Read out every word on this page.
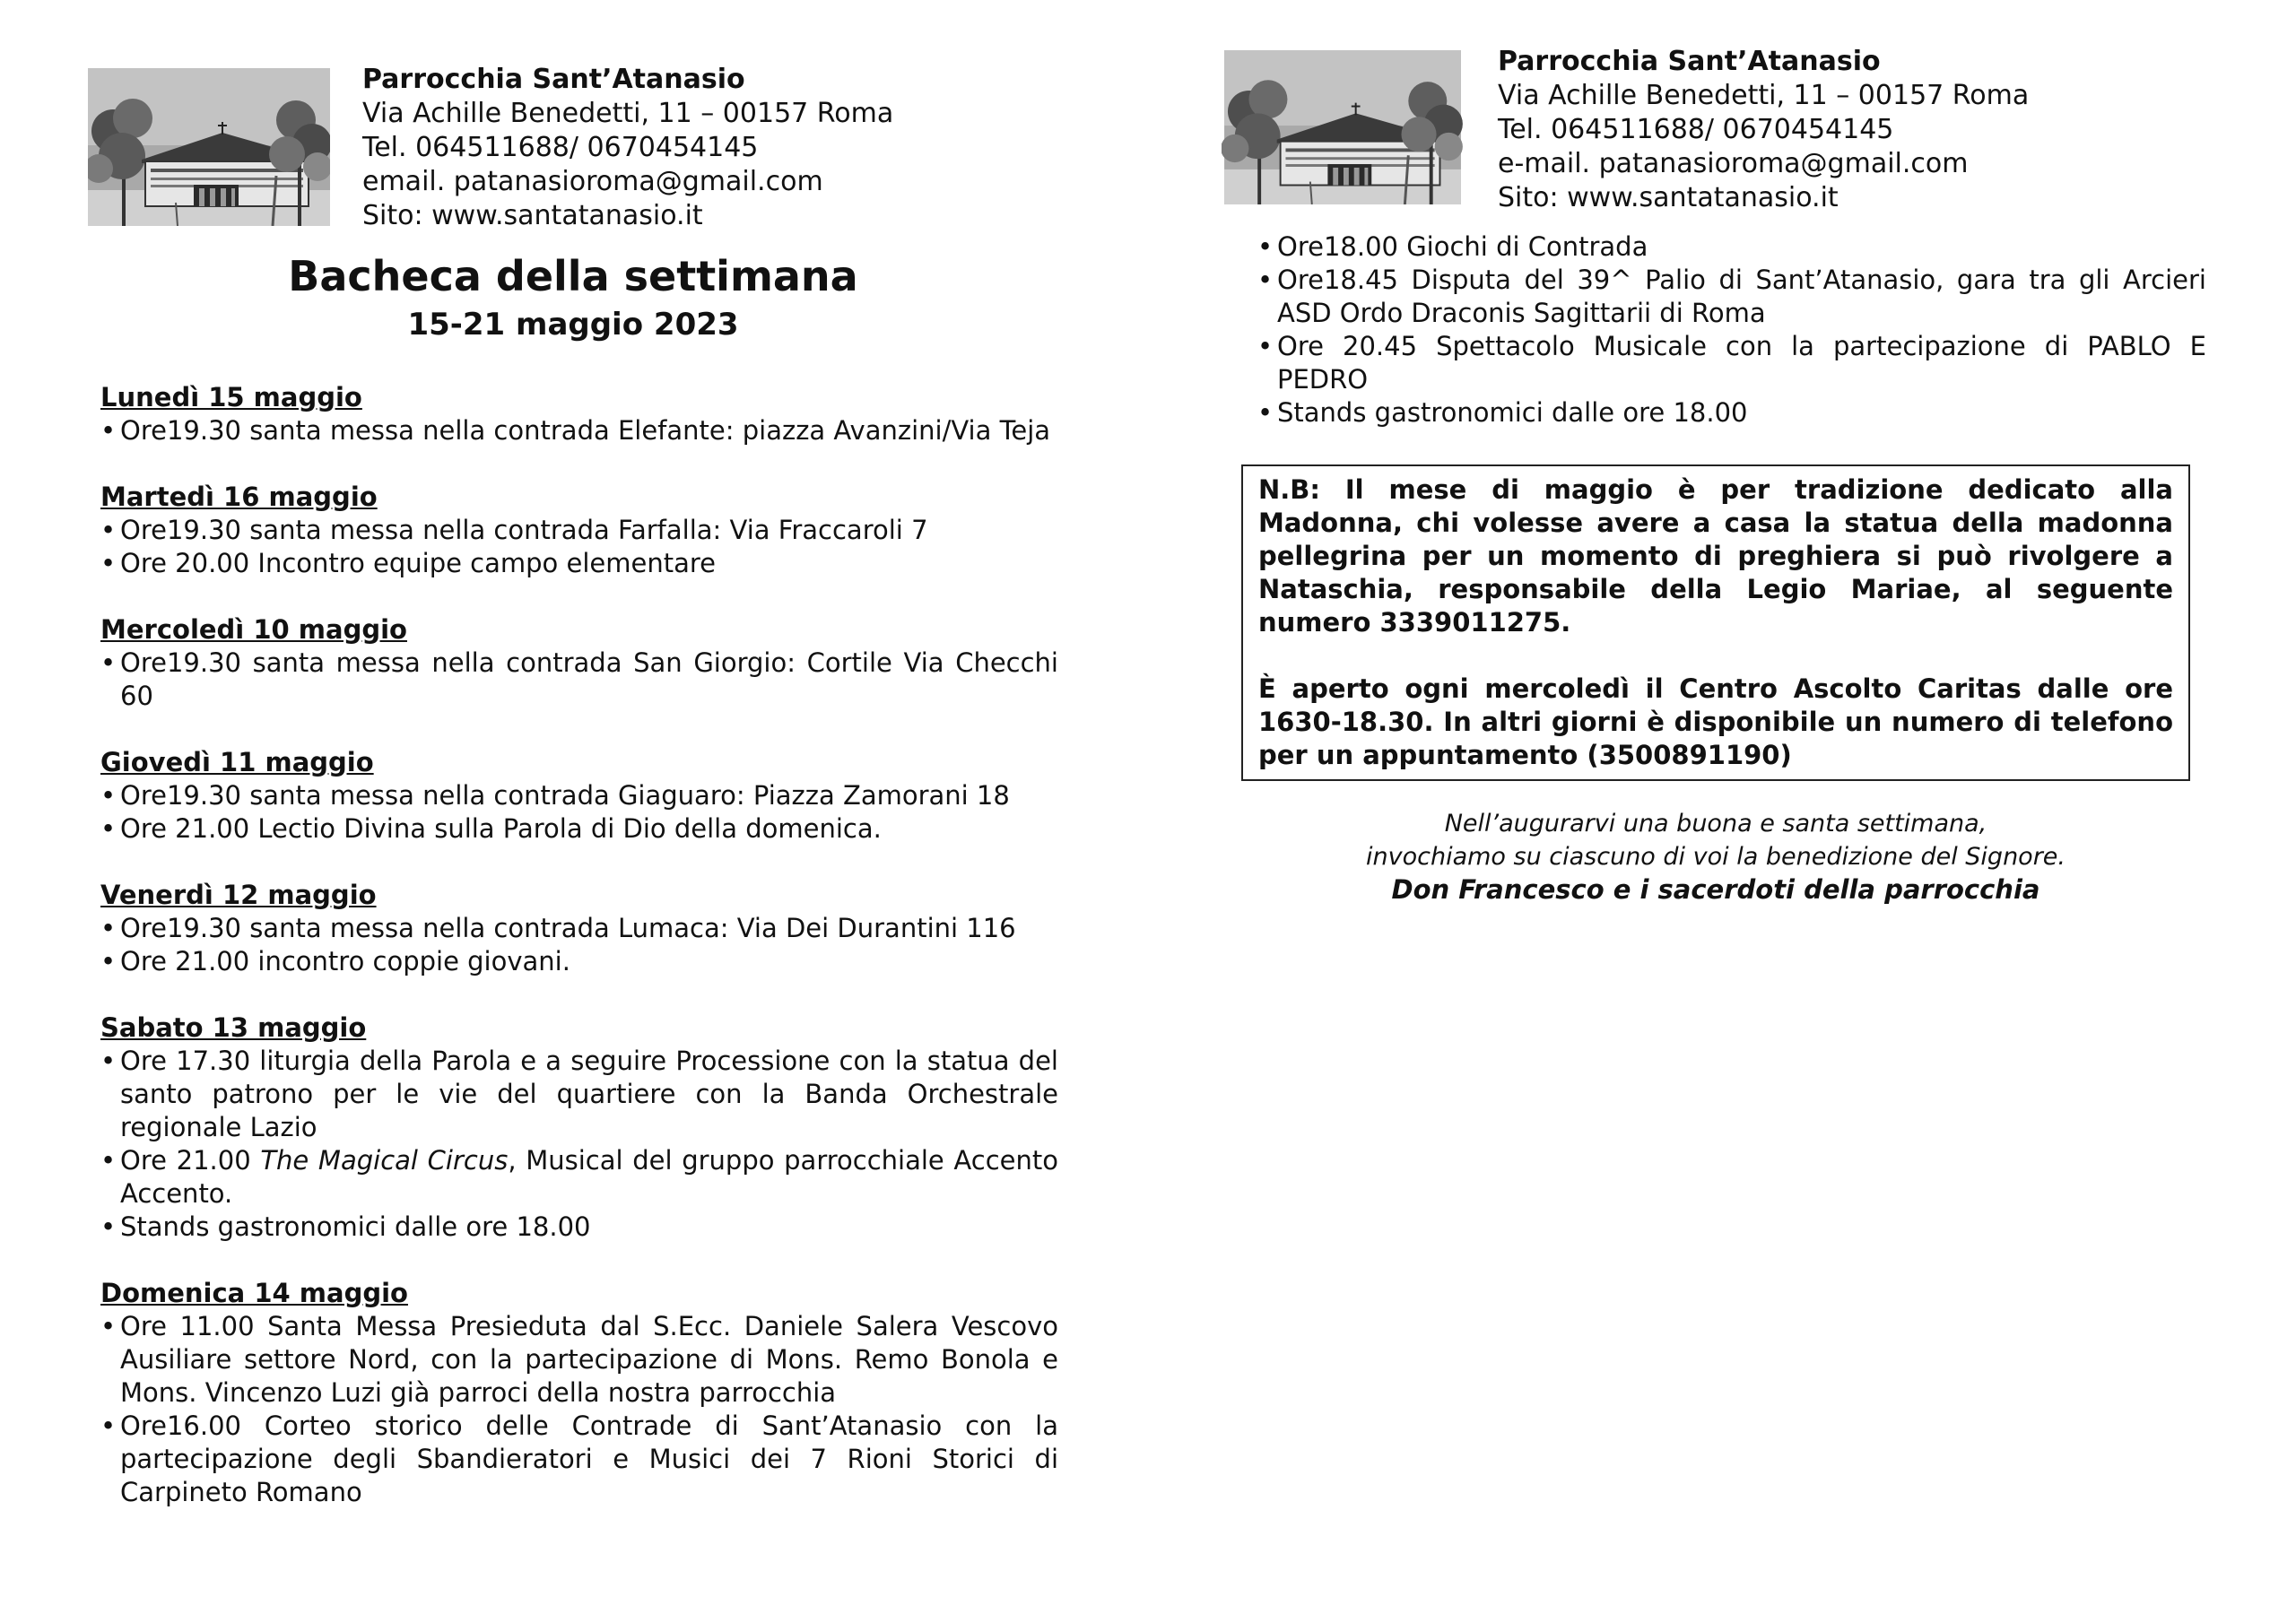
Parrocchia Sant’Atanasio
Via Achille Benedetti, 11 – 00157 Roma
Tel. 064511688/ 0670454145
email. patanasioroma@gmail.com
Sito: www.santatanasio.it
Bacheca della settimana
15-21 maggio 2023
Lunedì 15 maggio
• Ore19.30 santa messa nella contrada Elefante: piazza Avanzini/Via Teja
Martedì 16 maggio
• Ore19.30 santa messa nella contrada Farfalla: Via Fraccaroli 7
• Ore 20.00 Incontro equipe campo elementare
Mercoledì 10 maggio
• Ore19.30 santa messa nella contrada San Giorgio: Cortile Via Checchi 60
Giovedì 11 maggio
• Ore19.30 santa messa nella contrada Giaguaro: Piazza Zamorani 18
• Ore 21.00 Lectio Divina sulla Parola di Dio della domenica.
Venerdì 12 maggio
• Ore19.30 santa messa nella contrada Lumaca: Via Dei Durantini 116
• Ore 21.00 incontro coppie giovani.
Sabato 13 maggio
• Ore 17.30 liturgia della Parola e a seguire Processione con la statua del santo patrono per le vie del quartiere con la Banda Orchestrale regionale Lazio
• Ore 21.00 The Magical Circus, Musical del gruppo parrocchiale Accento Accento.
• Stands gastronomici dalle ore 18.00
Domenica 14 maggio
• Ore 11.00 Santa Messa Presieduta dal S.Ecc. Daniele Salera Vescovo Ausiliare settore Nord, con la partecipazione di Mons. Remo Bonola e Mons. Vincenzo Luzi già parroci della nostra parrocchia
• Ore16.00 Corteo storico delle Contrade di Sant’Atanasio con la partecipazione degli Sbandieratori e Musici dei 7 Rioni Storici di Carpineto Romano
Parrocchia Sant’Atanasio
Via Achille Benedetti, 11 – 00157 Roma
Tel. 064511688/ 0670454145
e-mail. patanasioroma@gmail.com
Sito: www.santatanasio.it
• Ore18.00 Giochi di Contrada
• Ore18.45 Disputa del 39^ Palio di Sant’Atanasio, gara tra gli Arcieri ASD Ordo Draconis Sagittarii di Roma
• Ore 20.45 Spettacolo Musicale con la partecipazione di PABLO E PEDRO
• Stands gastronomici dalle ore 18.00

N.B: Il mese di maggio è per tradizione dedicato alla Madonna, chi volesse avere a casa la statua della madonna pellegrina per un momento di preghiera si può rivolgere a Nataschia, responsabile della Legio Mariae, al seguente numero 3339011275.

È aperto ogni mercoledì il Centro Ascolto Caritas dalle ore 1630-18.30. In altri giorni è disponibile un numero di telefono per un appuntamento (3500891190)

Nell’augurarvi una buona e santa settimana,
invochiamo su ciascuno di voi la benedizione del Signore.
Don Francesco e i sacerdoti della parrocchia
